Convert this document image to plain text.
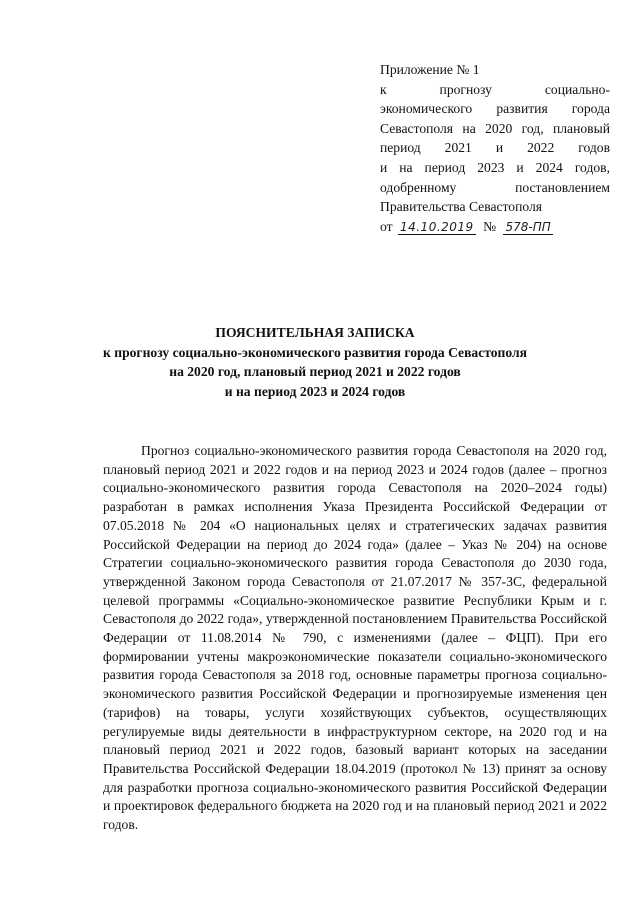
Приложение № 1
к прогнозу социально-
экономического развития города
Севастополя на 2020 год, плановый
период 2021 и 2022 годов
и на период 2023 и 2024 годов,
одобренному постановлением
Правительства Севастополя
от 14.10.2019 № 578-ПП
ПОЯСНИТЕЛЬНАЯ ЗАПИСКА
к прогнозу социально-экономического развития города Севастополя
на 2020 год, плановый период 2021 и 2022 годов
и на период 2023 и 2024 годов
Прогноз социально-экономического развития города Севастополя на 2020 год, плановый период 2021 и 2022 годов и на период 2023 и 2024 годов (далее – прогноз социально-экономического развития города Севастополя на 2020–2024 годы) разработан в рамках исполнения Указа Президента Российской Федерации от 07.05.2018 № 204 «О национальных целях и стратегических задачах развития Российской Федерации на период до 2024 года» (далее – Указ № 204) на основе Стратегии социально-экономического развития города Севастополя до 2030 года, утвержденной Законом города Севастополя от 21.07.2017 № 357-ЗС, федеральной целевой программы «Социально-экономическое развитие Республики Крым и г. Севастополя до 2022 года», утвержденной постановлением Правительства Российской Федерации от 11.08.2014 № 790, с изменениями (далее – ФЦП). При его формировании учтены макроэкономические показатели социально-экономического развития города Севастополя за 2018 год, основные параметры прогноза социально-экономического развития Российской Федерации и прогнозируемые изменения цен (тарифов) на товары, услуги хозяйствующих субъектов, осуществляющих регулируемые виды деятельности в инфраструктурном секторе, на 2020 год и на плановый период 2021 и 2022 годов, базовый вариант которых на заседании Правительства Российской Федерации 18.04.2019 (протокол № 13) принят за основу для разработки прогноза социально-экономического развития Российской Федерации и проектировок федерального бюджета на 2020 год и на плановый период 2021 и 2022 годов.
